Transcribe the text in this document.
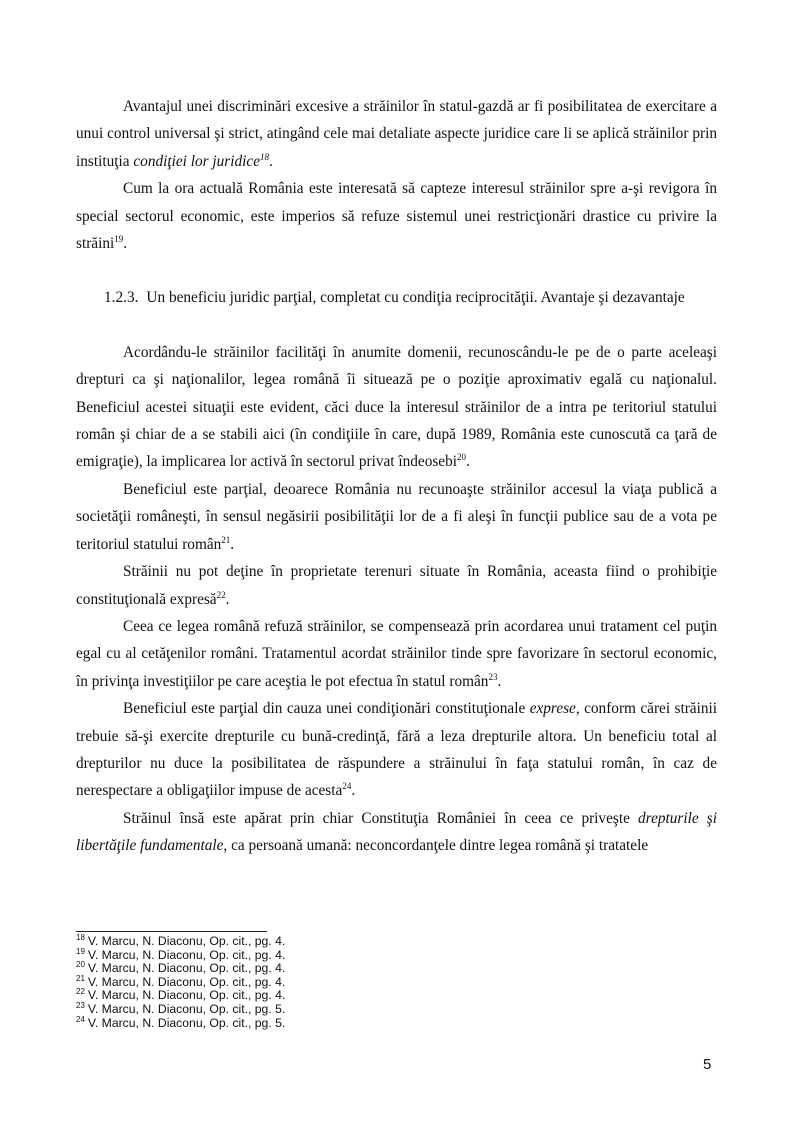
Avantajul unei discriminări excesive a străinilor în statul-gazdă ar fi posibilitatea de exercitare a unui control universal şi strict, atingând cele mai detaliate aspecte juridice care li se aplică străinilor prin instituţia condiţiei lor juridice$^{18}$.

Cum la ora actuală România este interesată să capteze interesul străinilor spre a-şi revigora în special sectorul economic, este imperios să refuze sistemul unei restricţionări drastice cu privire la străini$^{19}$.

1.2.3. Un beneficiu juridic parţial, completat cu condiţia reciprocităţii. Avantaje şi dezavantaje

Acordându-le străinilor facilităţi în anumite domenii, recunoscându-le pe de o parte aceleaşi drepturi ca şi naţionalilor, legea română îi situează pe o poziţie aproximativ egală cu naţionalul. Beneficiul acestei situaţii este evident, căci duce la interesul străinilor de a intra pe teritoriul statului român şi chiar de a se stabili aici (în condiţiile în care, după 1989, România este cunoscută ca ţară de emigraţie), la implicarea lor activă în sectorul privat îndeosebi$^{20}$.

Beneficiul este parţial, deoarece România nu recunoaşte străinilor accesul la viaţa publică a societăţii româneşti, în sensul negăsirii posibilităţii lor de a fi aleşi în funcţii publice sau de a vota pe teritoriul statului român$^{21}$.

Străinii nu pot deţine în proprietate terenuri situate în România, aceasta fiind o prohibiţie constituţională expresă$^{22}$.

Ceea ce legea română refuză străinilor, se compensează prin acordarea unui tratament cel puţin egal cu al cetăţenilor români. Tratamentul acordat străinilor tinde spre favorizare în sectorul economic, în privinţa investiţiilor pe care aceştia le pot efectua în statul român$^{23}$.

Beneficiul este parţial din cauza unei condiţionări constituţionale exprese, conform cărei străinii trebuie să-şi exercite drepturile cu bună-credinţă, fără a leza drepturile altora. Un beneficiu total al drepturilor nu duce la posibilitatea de răspundere a străinului în faţa statului român, în caz de nerespectare a obligaţiilor impuse de acesta$^{24}$.

Străinul însă este apărat prin chiar Constituţia României în ceea ce priveşte drepturile şi libertăţile fundamentale, ca persoană umană: neconcordanţele dintre legea română şi tratatele

$^{18}$ V. Marcu, N. Diaconu, Op. cit., pg. 4.
$^{19}$ V. Marcu, N. Diaconu, Op. cit., pg. 4.
$^{20}$ V. Marcu, N. Diaconu, Op. cit., pg. 4.
$^{21}$ V. Marcu, N. Diaconu, Op. cit., pg. 4.
$^{22}$ V. Marcu, N. Diaconu, Op. cit., pg. 4.
$^{23}$ V. Marcu, N. Diaconu, Op. cit., pg. 5.
$^{24}$ V. Marcu, N. Diaconu, Op. cit., pg. 5.
5
